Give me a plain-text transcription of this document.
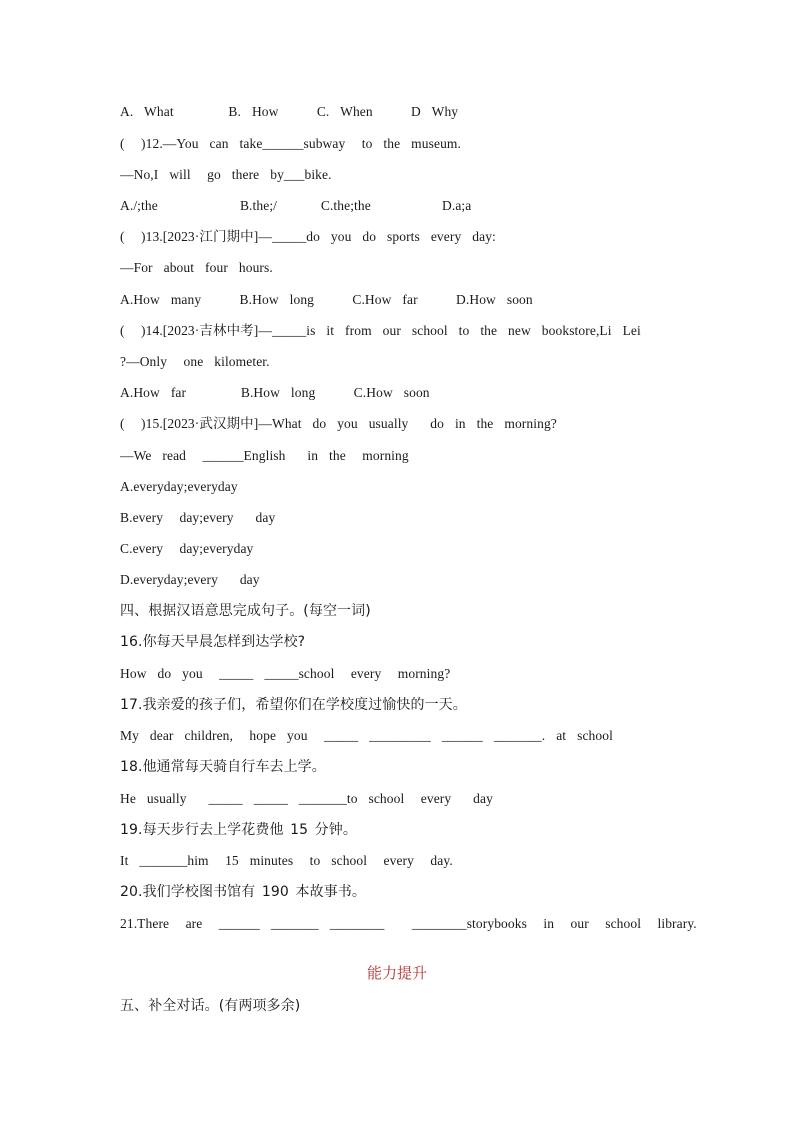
A.  What          B.  How       C.  When       D  Why
(   )12.—You  can  take______subway   to  the  museum.
—No,I  will   go  there  by___bike.
A./;the               B.the;/        C.the;the             D.a;a
(   )13.[2023·江门期中]—_____do  you  do  sports  every  day:
—For  about  four  hours.
A.How  many       B.How  long       C.How  far       D.How  soon
(   )14.[2023·吉林中考]—_____is  it  from  our  school  to  the  new  bookstore,Li  Lei
?—Only   one  kilometer.
A.How  far          B.How  long       C.How  soon
(   )15.[2023·武汉期中]—What  do  you  usually    do  in  the  morning?
—We  read   ______English    in  the   morning
A.everyday;everyday
B.every   day;every    day
C.every   day;everyday
D.everyday;every    day
四、根据汉语意思完成句子。(每空一词)
16.你每天早晨怎样到达学校?
How  do  you   _____  _____school   every   morning?
17.我亲爱的孩子们，希望你们在学校度过愉快的一天。
My  dear  children,   hope  you   _____  _________  ______  _______.  at  school
18.他通常每天骑自行车去上学。
He  usually    _____  _____  _______to  school   every    day
19.每天步行去上学花费他 15 分钟。
It  _______him   15  minutes   to  school   every   day.
20.我们学校图书馆有 190 本故事书。
21.There   are   ______  _______  ________     ________storybooks   in   our   school   library.
能力提升
五、补全对话。(有两项多余)
